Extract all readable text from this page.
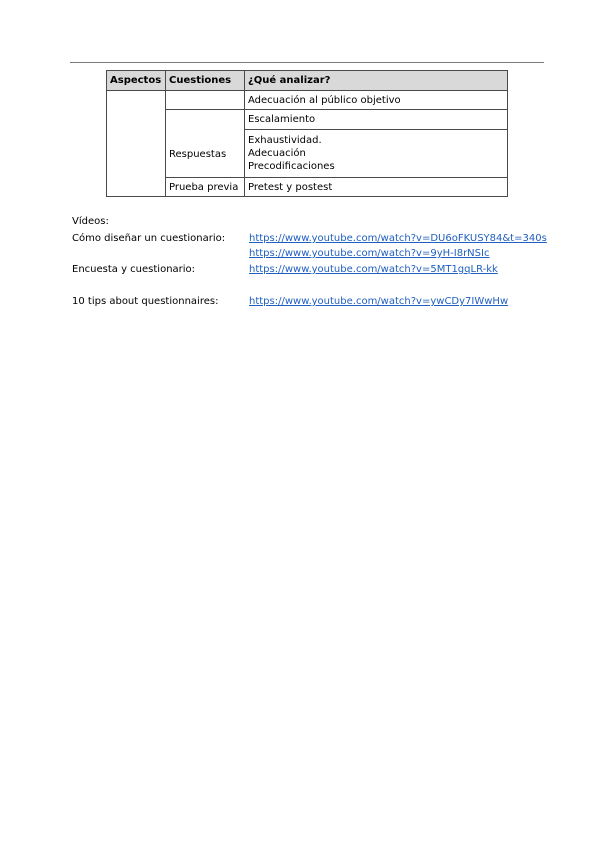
Aspectos	Cuestiones	¿Qué analizar?
		Adecuación al público objetivo
	Respuestas	Escalamiento

		Exhaustividad.
Adecuación
Precodificaciones

	Prueba previa	Pretest y postest
Vídeos:
Cómo diseñar un cuestionario: https://www.youtube.com/watch?v=DU6oFKUSY84&t=340s
https://www.youtube.com/watch?v=9yH-I8rNSIc
Encuesta y cuestionario:	https://www.youtube.com/watch?v=5MT1gqLR-kk
10 tips about questionnaires:	https://www.youtube.com/watch?v=ywCDy7IWwHw
